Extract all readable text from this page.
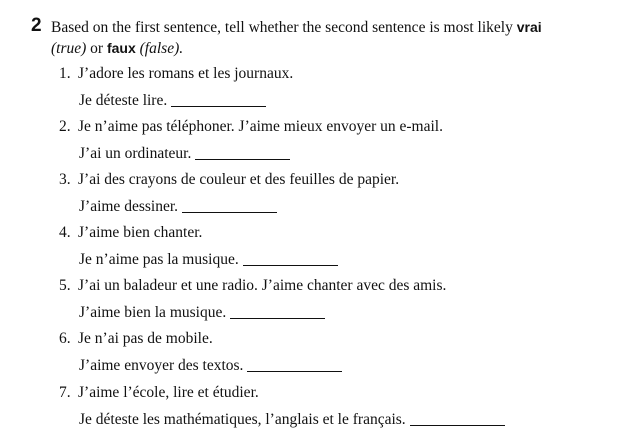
2 Based on the first sentence, tell whether the second sentence is most likely vrai
(true) or faux (false).
1. J’adore les romans et les journaux.
Je déteste lire.
2. Je n’aime pas téléphoner. J’aime mieux envoyer un e-mail.
J’ai un ordinateur.
3. J’ai des crayons de couleur et des feuilles de papier.
J’aime dessiner.
4. J’aime bien chanter.
Je n’aime pas la musique.
5. J’ai un baladeur et une radio. J’aime chanter avec des amis.
J’aime bien la musique.
6. Je n’ai pas de mobile.
J’aime envoyer des textos.
7. J’aime l’école, lire et étudier.
Je déteste les mathématiques, l’anglais et le français.
